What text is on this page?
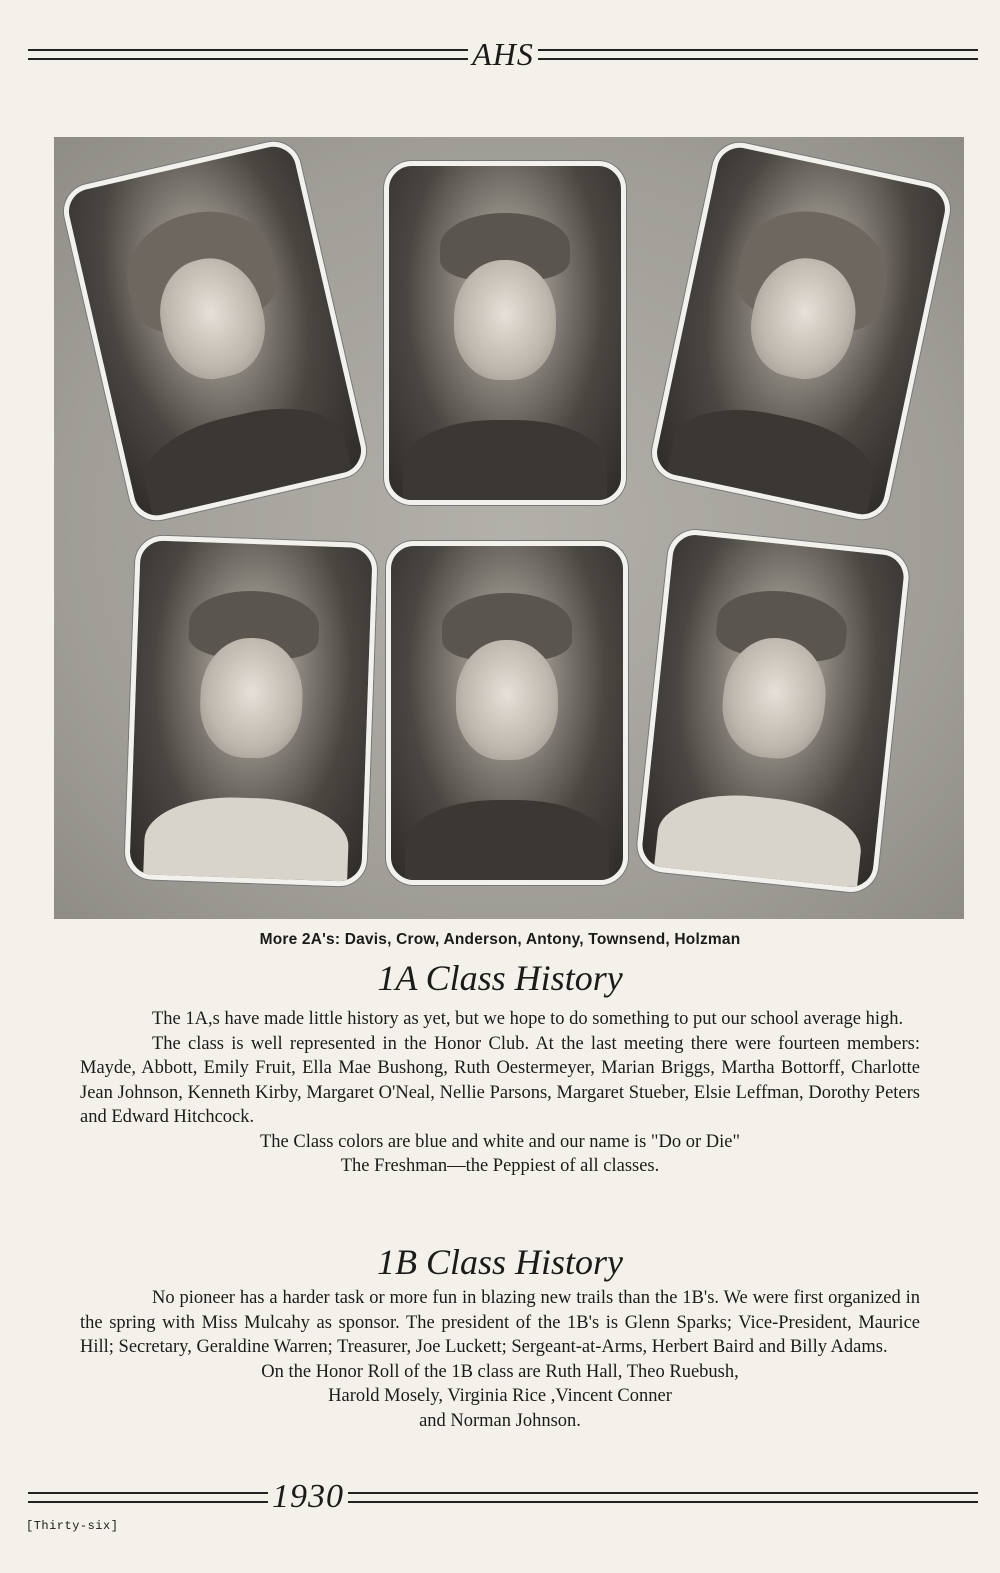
AHS
More 2A's: Davis, Crow, Anderson, Antony, Townsend, Holzman
1A Class History

The 1A,s have made little history as yet, but we hope to do something to put our school average high.

The class is well represented in the Honor Club. At the last meeting there were fourteen members: Mayde, Abbott, Emily Fruit, Ella Mae Bushong, Ruth Oestermeyer, Marian Briggs, Martha Bottorff, Charlotte Jean Johnson, Kenneth Kirby, Margaret O'Neal, Nellie Parsons, Margaret Stueber, Elsie Leffman, Dorothy Peters and Edward Hitchcock.

The Class colors are blue and white and our name is "Do or Die"

The Freshman—the Peppiest of all classes.

1B Class History

No pioneer has a harder task or more fun in blazing new trails than the 1B's. We were first organized in the spring with Miss Mulcahy as sponsor. The president of the 1B's is Glenn Sparks; Vice-President, Maurice Hill; Secretary, Geraldine Warren; Treasurer, Joe Luckett; Sergeant-at-Arms, Herbert Baird and Billy Adams.

On the Honor Roll of the 1B class are Ruth Hall, Theo Ruebush,

Harold Mosely, Virginia Rice ,Vincent Conner

and Norman Johnson.

1930
[Thirty-six]
